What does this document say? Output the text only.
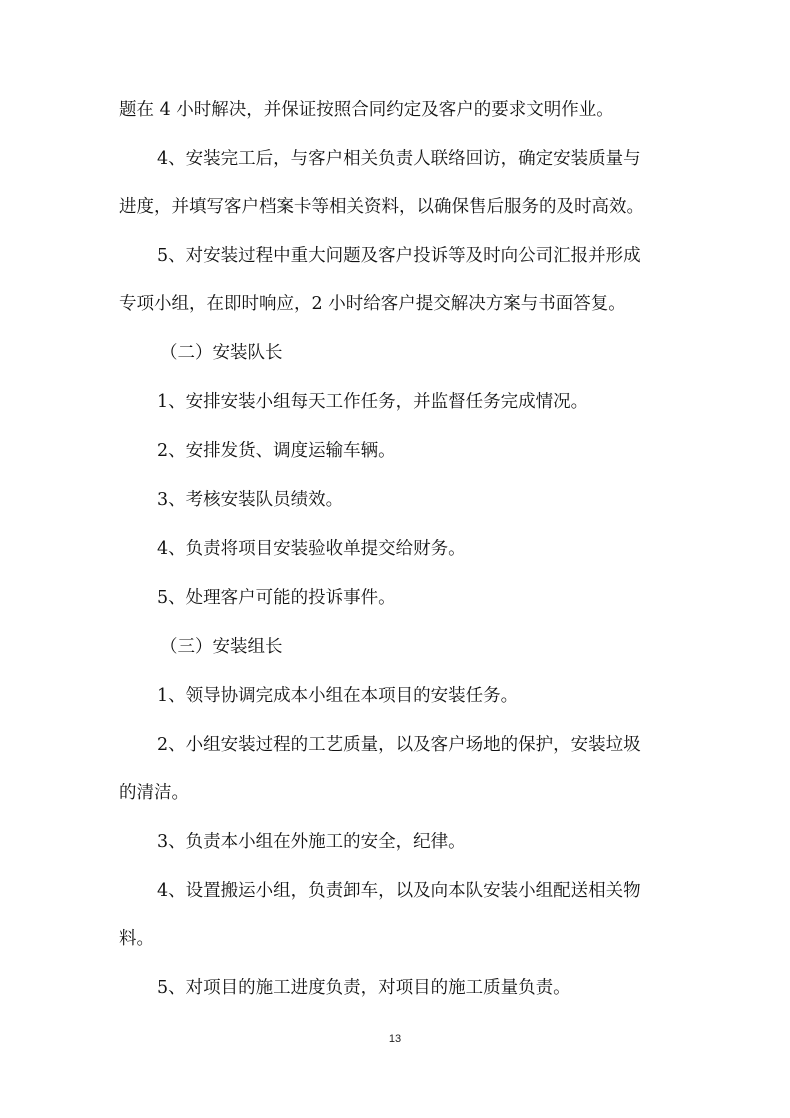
题在 4 小时解决，并保证按照合同约定及客户的要求文明作业。

4、安装完工后，与客户相关负责人联络回访，确定安装质量与

进度，并填写客户档案卡等相关资料，以确保售后服务的及时高效。

5、对安装过程中重大问题及客户投诉等及时向公司汇报并形成

专项小组，在即时响应，2 小时给客户提交解决方案与书面答复。

（二）安装队长

1、安排安装小组每天工作任务，并监督任务完成情况。

2、安排发货、调度运输车辆。

3、考核安装队员绩效。

4、负责将项目安装验收单提交给财务。

5、处理客户可能的投诉事件。

（三）安装组长

1、领导协调完成本小组在本项目的安装任务。

2、小组安装过程的工艺质量，以及客户场地的保护，安装垃圾

的清洁。

3、负责本小组在外施工的安全，纪律。

4、设置搬运小组，负责卸车，以及向本队安装小组配送相关物

料。

5、对项目的施工进度负责，对项目的施工质量负责。

13
